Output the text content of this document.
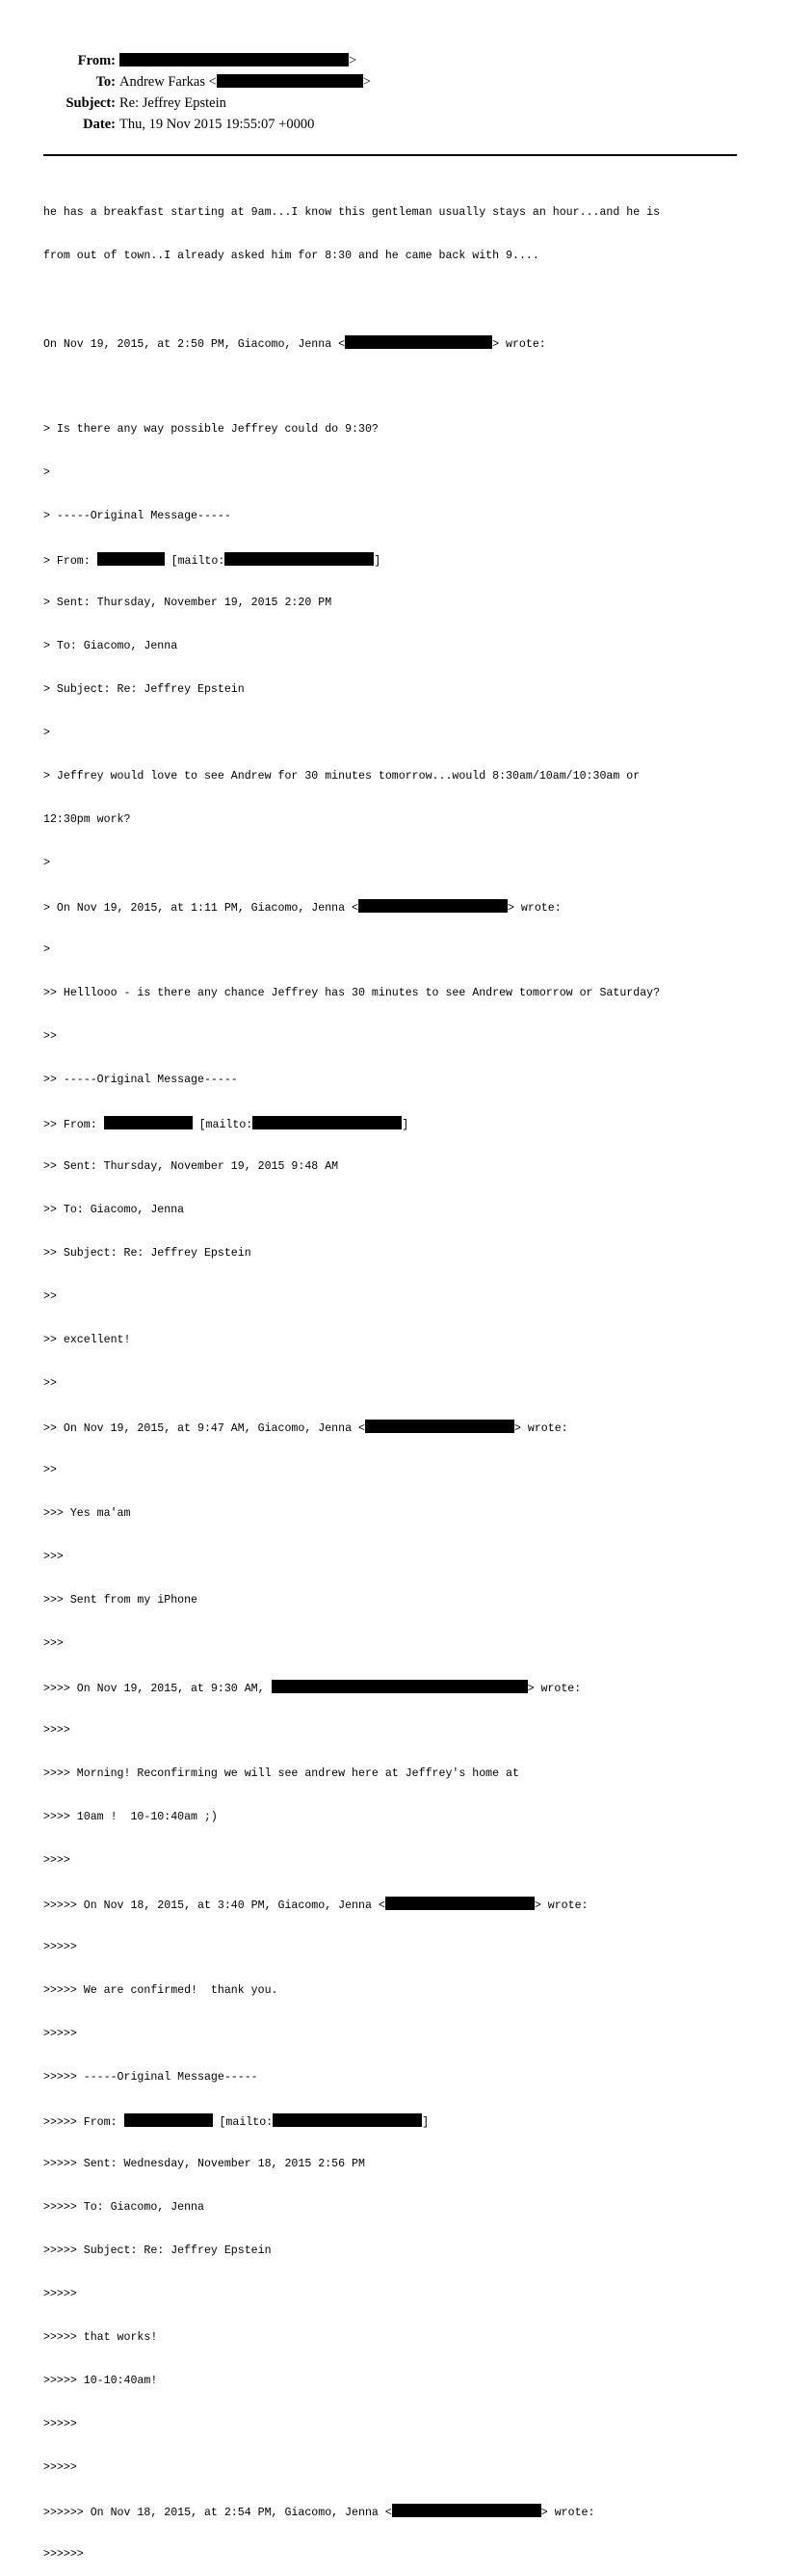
From:	>
To: Andrew Farkas <	>
Subject: Re: Jeffrey Epstein
Date: Thu, 19 Nov 2015 19:55:07 +0000

he has a breakfast starting at 9am...I know this gentleman usually stays an hour...and he is

from out of town..I already asked him for 8:30 and he came back with 9....

On Nov 19, 2015, at 2:50 PM, Giacomo, Jenna <	> wrote:

> Is there any way possible Jeffrey could do 9:30?

>

> -----Original Message-----

> From:	[mailto:	]

> Sent: Thursday, November 19, 2015 2:20 PM

> To: Giacomo, Jenna

> Subject: Re: Jeffrey Epstein

>

> Jeffrey would love to see Andrew for 30 minutes tomorrow...would 8:30am/10am/10:30am or

12:30pm work?

>

> On Nov 19, 2015, at 1:11 PM, Giacomo, Jenna <	> wrote:

>

>> Helllooo - is there any chance Jeffrey has 30 minutes to see Andrew tomorrow or Saturday?

>>

>> -----Original Message-----

>> From:	[mailto:	]

>> Sent: Thursday, November 19, 2015 9:48 AM

>> To: Giacomo, Jenna

>> Subject: Re: Jeffrey Epstein

>>

>> excellent!

>>

>> On Nov 19, 2015, at 9:47 AM, Giacomo, Jenna <	> wrote:

>>

>>> Yes ma'am

>>>

>>> Sent from my iPhone

>>>

>>>> On Nov 19, 2015, at 9:30 AM,	> wrote:

>>>>

>>>> Morning! Reconfirming we will see andrew here at Jeffrey's home at

>>>> 10am !  10-10:40am ;)

>>>>

>>>>> On Nov 18, 2015, at 3:40 PM, Giacomo, Jenna <	> wrote:

>>>>>

>>>>> We are confirmed!  thank you.

>>>>>

>>>>> -----Original Message-----

>>>>> From:	[mailto:	]

>>>>> Sent: Wednesday, November 18, 2015 2:56 PM

>>>>> To: Giacomo, Jenna

>>>>> Subject: Re: Jeffrey Epstein

>>>>>

>>>>> that works!

>>>>> 10-10:40am!

>>>>>

>>>>>

>>>>>> On Nov 18, 2015, at 2:54 PM, Giacomo, Jenna <	> wrote:

>>>>>>
